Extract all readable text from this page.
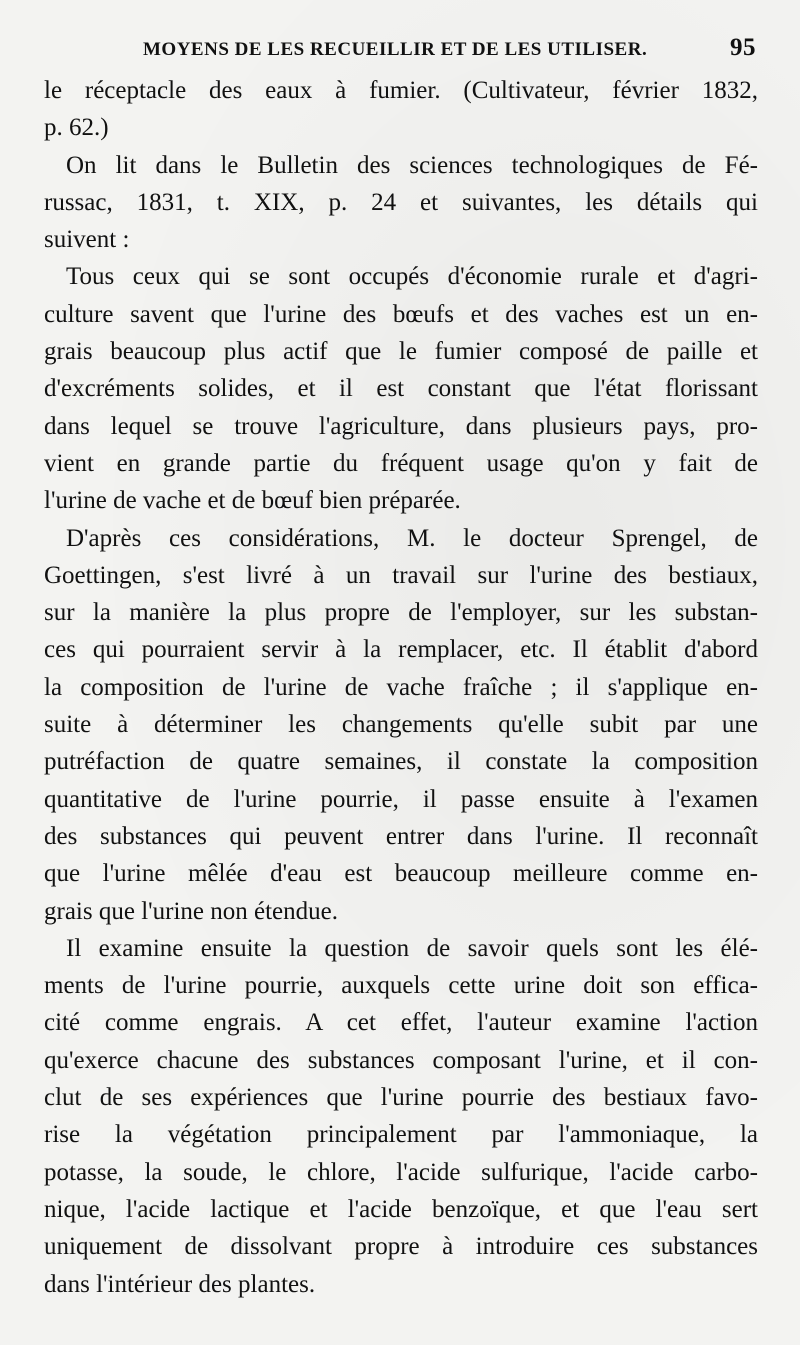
MOYENS DE LES RECUEILLIR ET DE LES UTILISER.	95
le réceptacle des eaux à fumier. (Cultivateur, février 1832,
p. 62.)
On lit dans le Bulletin des sciences technologiques de Fé-
russac, 1831, t. XIX, p. 24 et suivantes, les détails qui
suivent :
Tous ceux qui se sont occupés d'économie rurale et d'agri-
culture savent que l'urine des bœufs et des vaches est un en-
grais beaucoup plus actif que le fumier composé de paille et
d'excréments solides, et il est constant que l'état florissant
dans lequel se trouve l'agriculture, dans plusieurs pays, pro-
vient en grande partie du fréquent usage qu'on y fait de
l'urine de vache et de bœuf bien préparée.
D'après ces considérations, M. le docteur Sprengel, de
Goettingen, s'est livré à un travail sur l'urine des bestiaux,
sur la manière la plus propre de l'employer, sur les substan-
ces qui pourraient servir à la remplacer, etc. Il établit d'abord
la composition de l'urine de vache fraîche ; il s'applique en-
suite à déterminer les changements qu'elle subit par une
putréfaction de quatre semaines, il constate la composition
quantitative de l'urine pourrie, il passe ensuite à l'examen
des substances qui peuvent entrer dans l'urine. Il reconnaît
que l'urine mêlée d'eau est beaucoup meilleure comme en-
grais que l'urine non étendue.
Il examine ensuite la question de savoir quels sont les élé-
ments de l'urine pourrie, auxquels cette urine doit son effica-
cité comme engrais. A cet effet, l'auteur examine l'action
qu'exerce chacune des substances composant l'urine, et il con-
clut de ses expériences que l'urine pourrie des bestiaux favo-
rise la végétation principalement par l'ammoniaque, la
potasse, la soude, le chlore, l'acide sulfurique, l'acide carbo-
nique, l'acide lactique et l'acide benzoïque, et que l'eau sert
uniquement de dissolvant propre à introduire ces substances
dans l'intérieur des plantes.
